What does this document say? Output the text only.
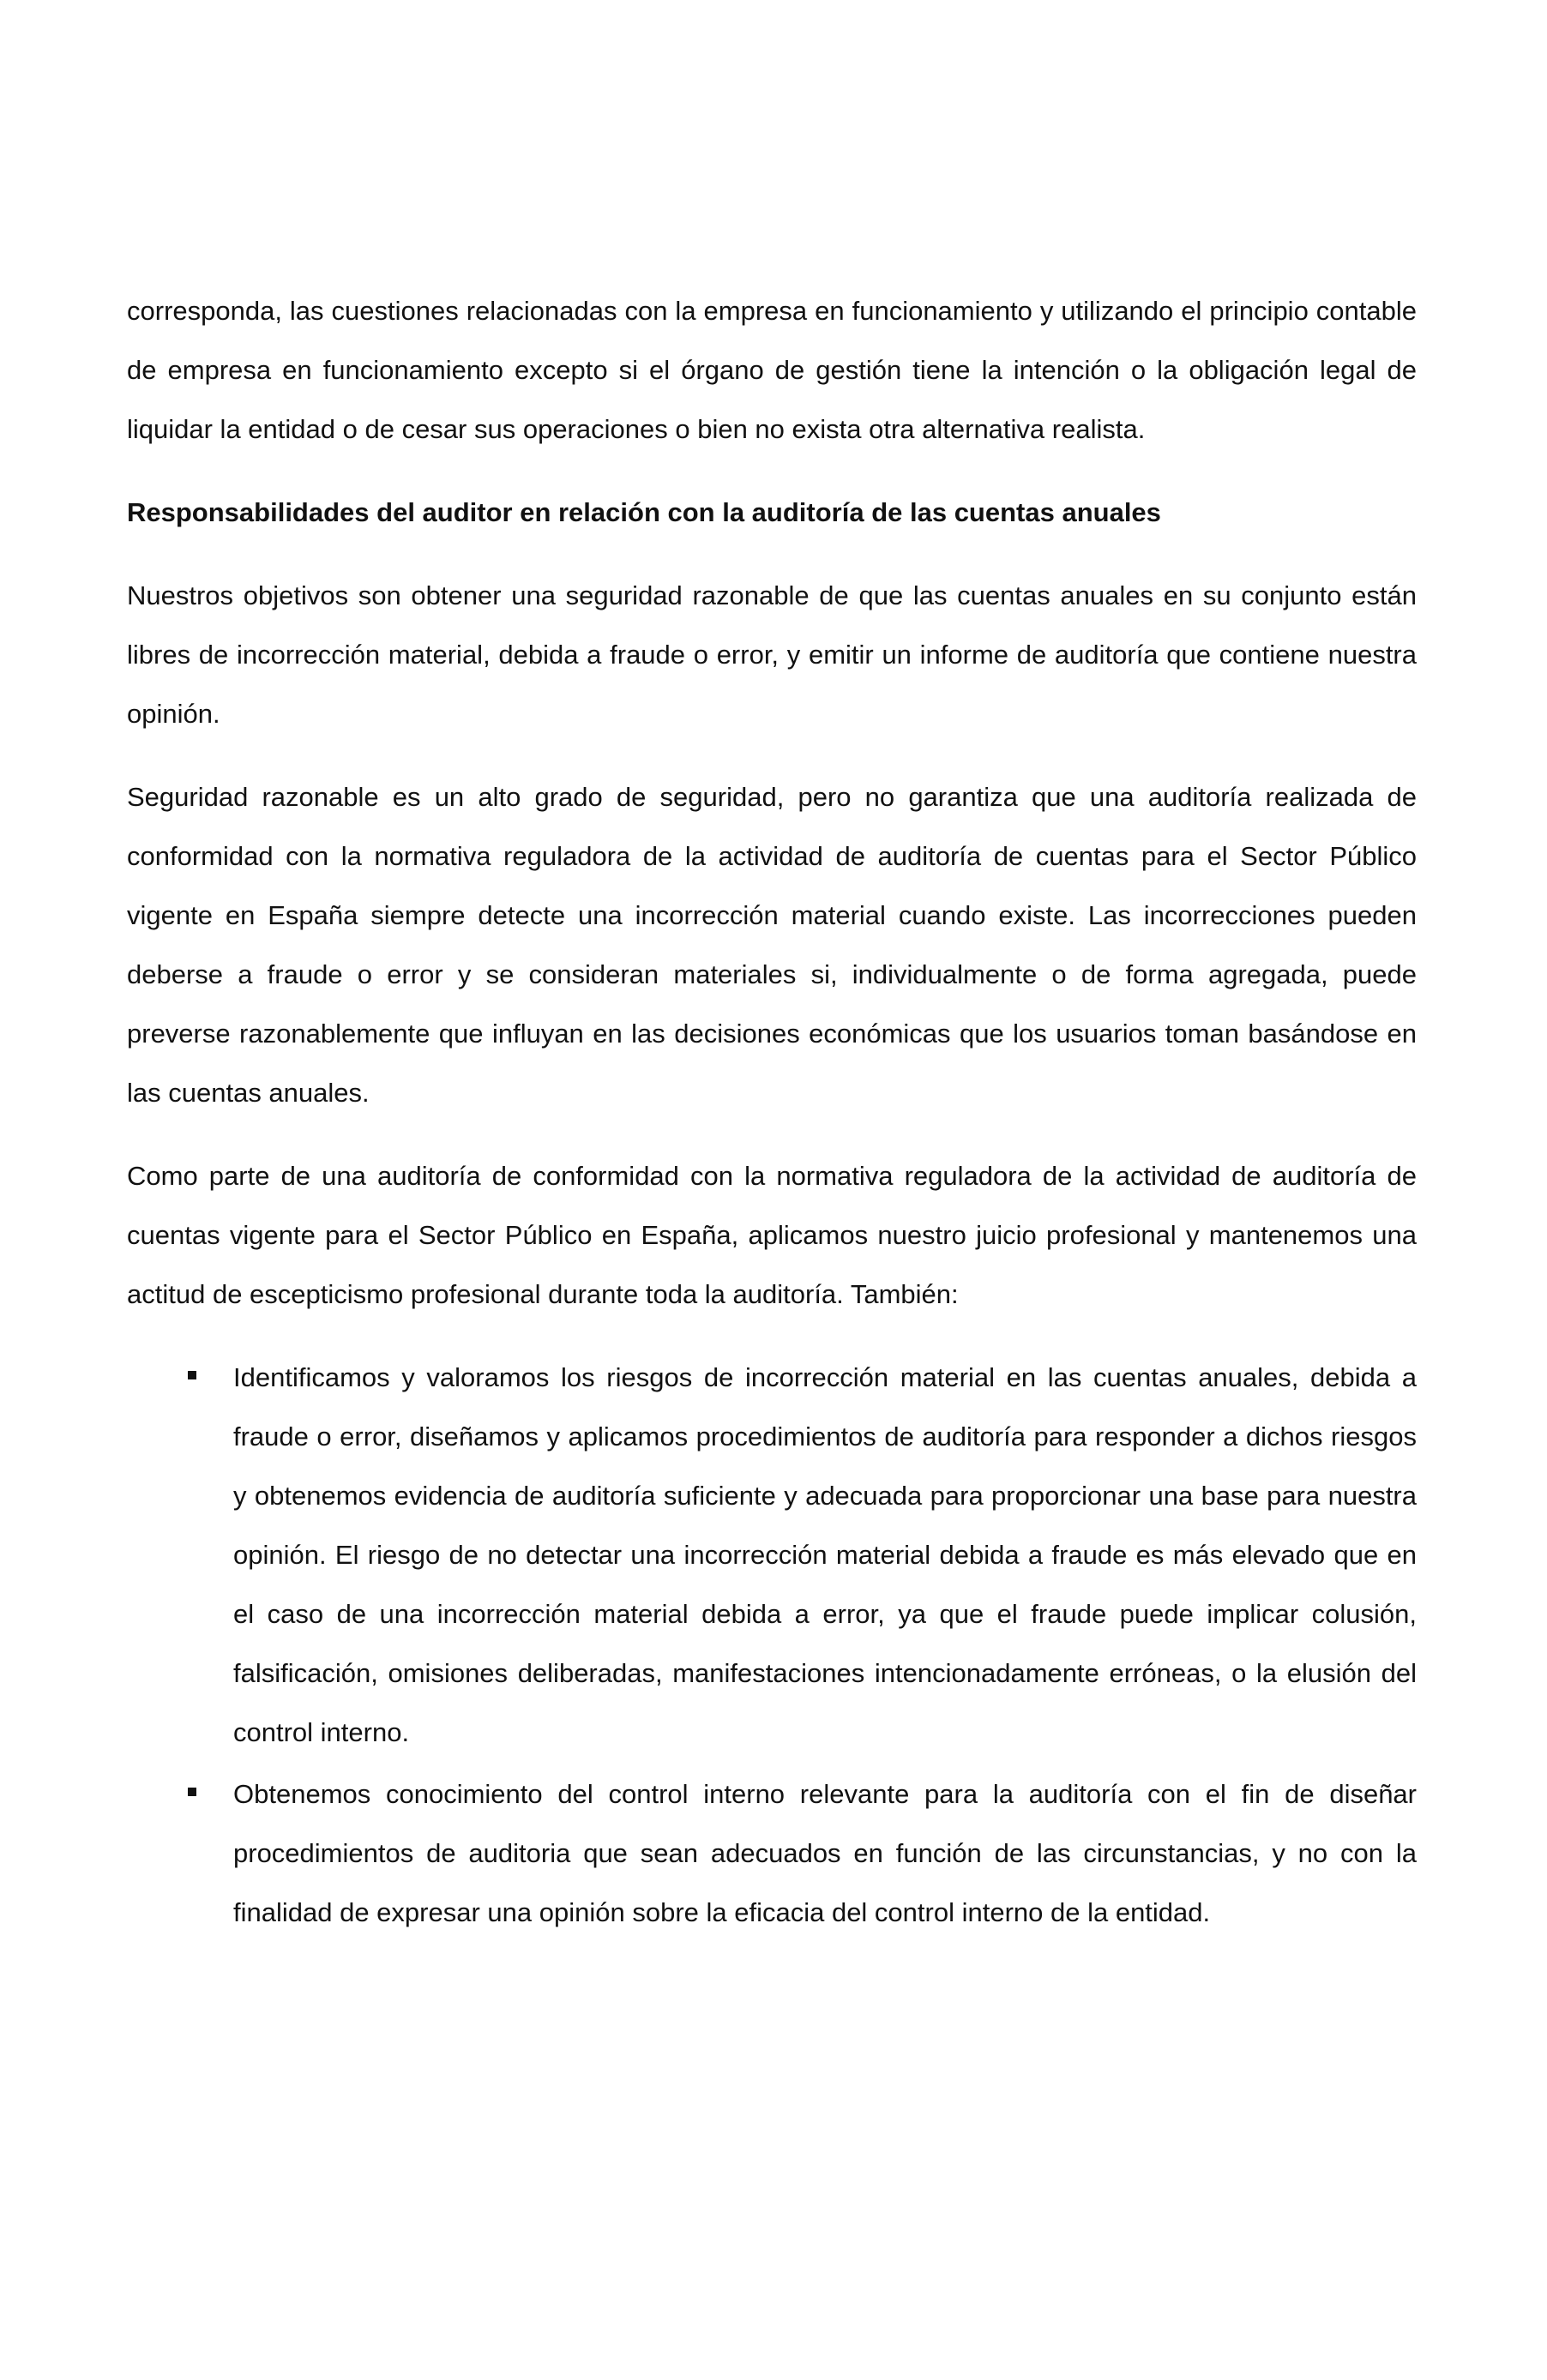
corresponda, las cuestiones relacionadas con la empresa en funcionamiento y utilizando el principio contable de empresa en funcionamiento excepto si el órgano de gestión tiene la intención o la obligación legal de liquidar la entidad o de cesar sus operaciones o bien no exista otra alternativa realista.

Responsabilidades del auditor en relación con la auditoría de las cuentas anuales

Nuestros objetivos son obtener una seguridad razonable de que las cuentas anuales en su conjunto están libres de incorrección material, debida a fraude o error, y emitir un informe de auditoría que contiene nuestra opinión.

Seguridad razonable es un alto grado de seguridad, pero no garantiza que una auditoría realizada de conformidad con la normativa reguladora de la actividad de auditoría de cuentas para el Sector Público vigente en España siempre detecte una incorrección material cuando existe. Las incorrecciones pueden deberse a fraude o error y se consideran materiales si, individualmente o de forma agregada, puede preverse razonablemente que influyan en las decisiones económicas que los usuarios toman basándose en las cuentas anuales.

Como parte de una auditoría de conformidad con la normativa reguladora de la actividad de auditoría de cuentas vigente para el Sector Público en España, aplicamos nuestro juicio profesional y mantenemos una actitud de escepticismo profesional durante toda la auditoría. También:

Identificamos y valoramos los riesgos de incorrección material en las cuentas anuales, debida a fraude o error, diseñamos y aplicamos procedimientos de auditoría para responder a dichos riesgos y obtenemos evidencia de auditoría suficiente y adecuada para proporcionar una base para nuestra opinión. El riesgo de no detectar una incorrección material debida a fraude es más elevado que en el caso de una incorrección material debida a error, ya que el fraude puede implicar colusión, falsificación, omisiones deliberadas, manifestaciones intencionadamente erróneas, o la elusión del control interno.

Obtenemos conocimiento del control interno relevante para la auditoría con el fin de diseñar procedimientos de auditoria que sean adecuados en función de las circunstancias, y no con la finalidad de expresar una opinión sobre la eficacia del control interno de la entidad.
